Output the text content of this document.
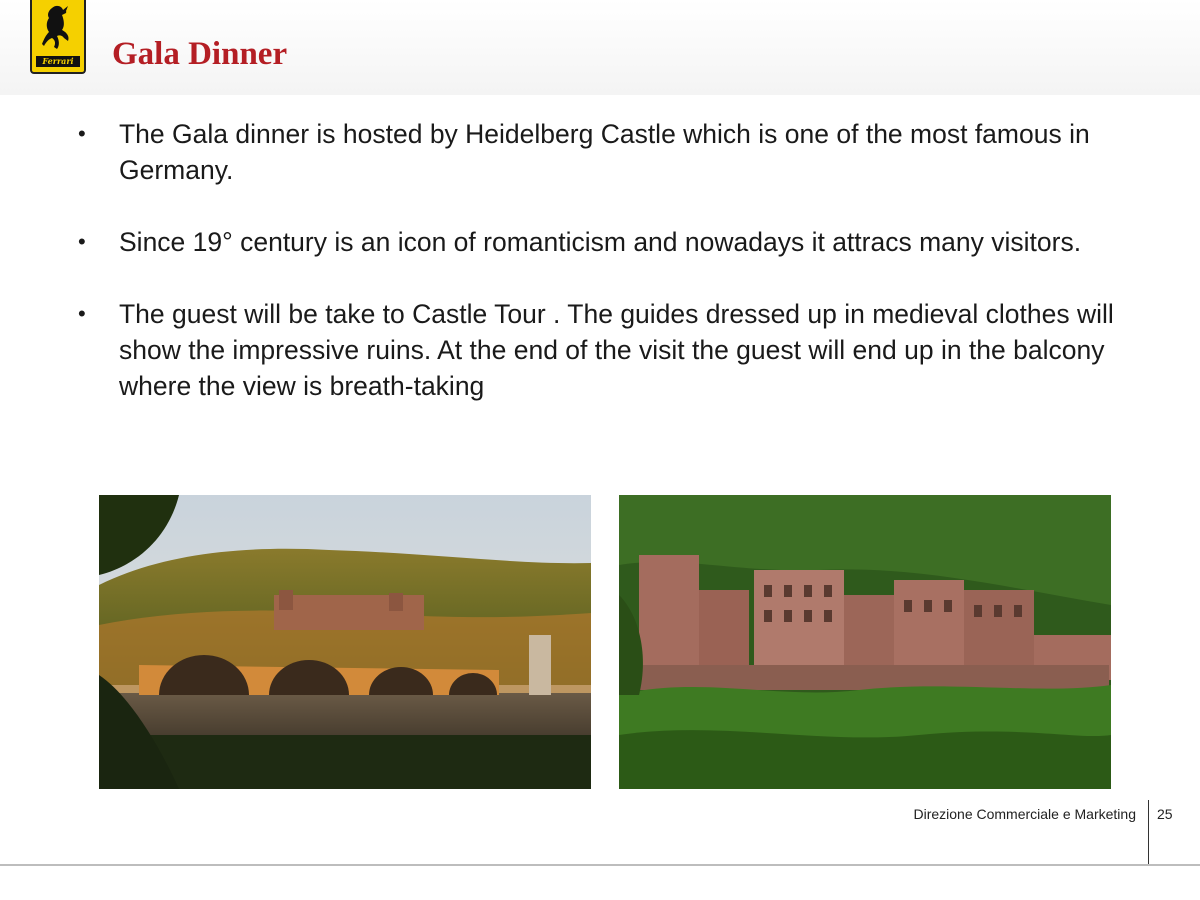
Ferrari Gala Dinner
• The Gala dinner is hosted by Heidelberg Castle which is one of the most famous in Germany.
• Since 19° century is an icon of romanticism and nowadays it attracs many visitors.
• The guest will be take to Castle Tour . The guides dressed up in medieval clothes will show the impressive ruins. At the end of the visit the guest will end up in the balcony where the view is breath-taking
Direzione Commerciale e Marketing 25
